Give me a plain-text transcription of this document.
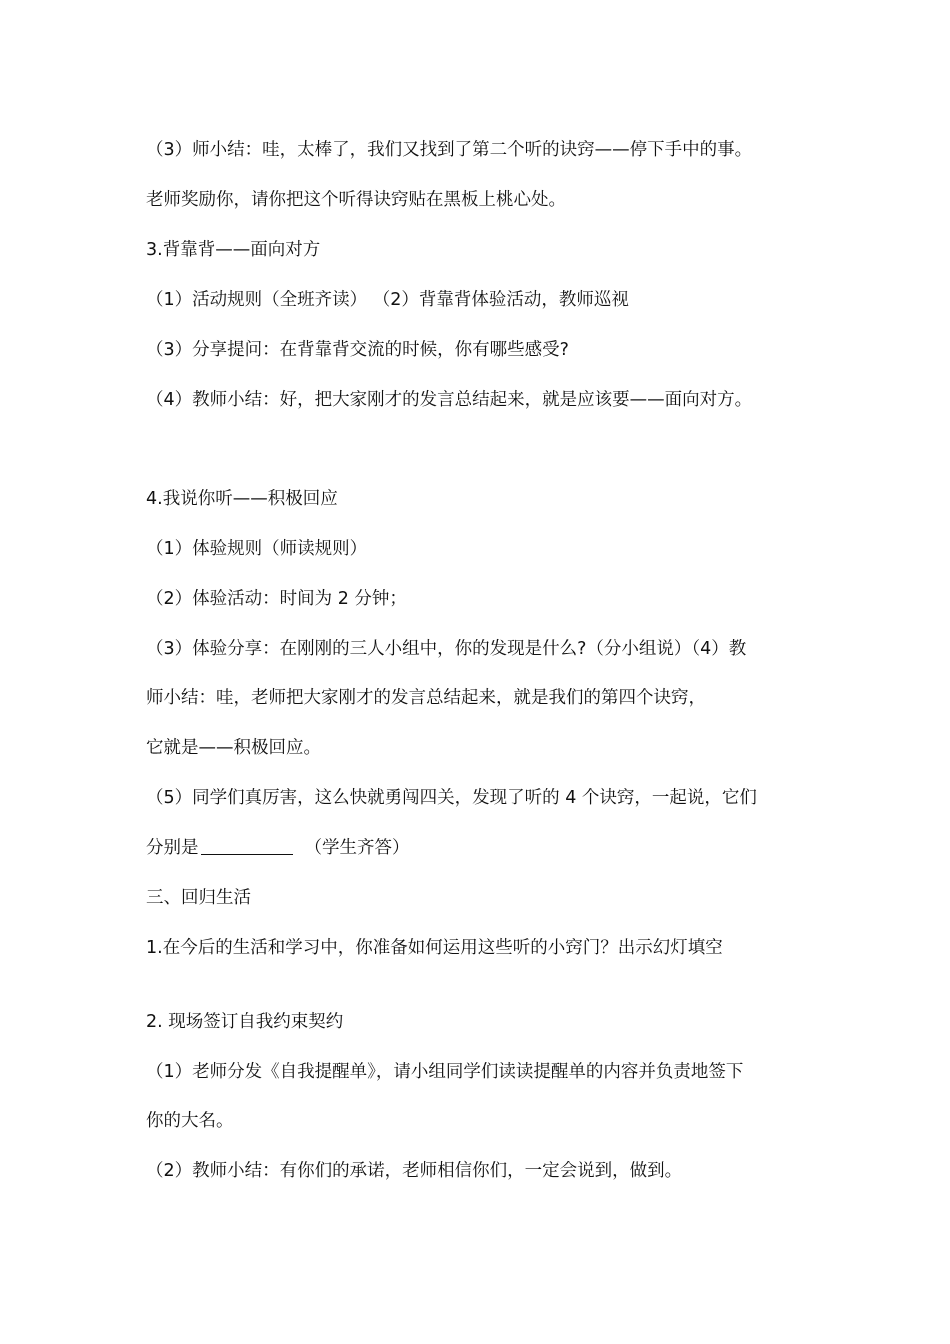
（3）师小结：哇，太棒了，我们又找到了第二个听的诀窍——停下手中的事。
老师奖励你，请你把这个听得诀窍贴在黑板上桃心处。
3.背靠背——面向对方
（1）活动规则（全班齐读） （2）背靠背体验活动，教师巡视
（3）分享提问：在背靠背交流的时候，你有哪些感受?
（4）教师小结：好，把大家刚才的发言总结起来，就是应该要——面向对方。
4.我说你听——积极回应
（1）体验规则（师读规则）
（2）体验活动：时间为 2 分钟；
（3）体验分享：在刚刚的三人小组中，你的发现是什么?（分小组说）（4）教
师小结：哇，老师把大家刚才的发言总结起来，就是我们的第四个诀窍，
它就是——积极回应。
（5）同学们真厉害，这么快就勇闯四关，发现了听的 4 个诀窍，一起说，它们
分别是	（学生齐答）
三、回归生活
1.在今后的生活和学习中，你准备如何运用这些听的小窍门？出示幻灯填空
2. 现场签订自我约束契约
（1）老师分发《自我提醒单》，请小组同学们读读提醒单的内容并负责地签下
你的大名。
（2）教师小结：有你们的承诺，老师相信你们，一定会说到，做到。
